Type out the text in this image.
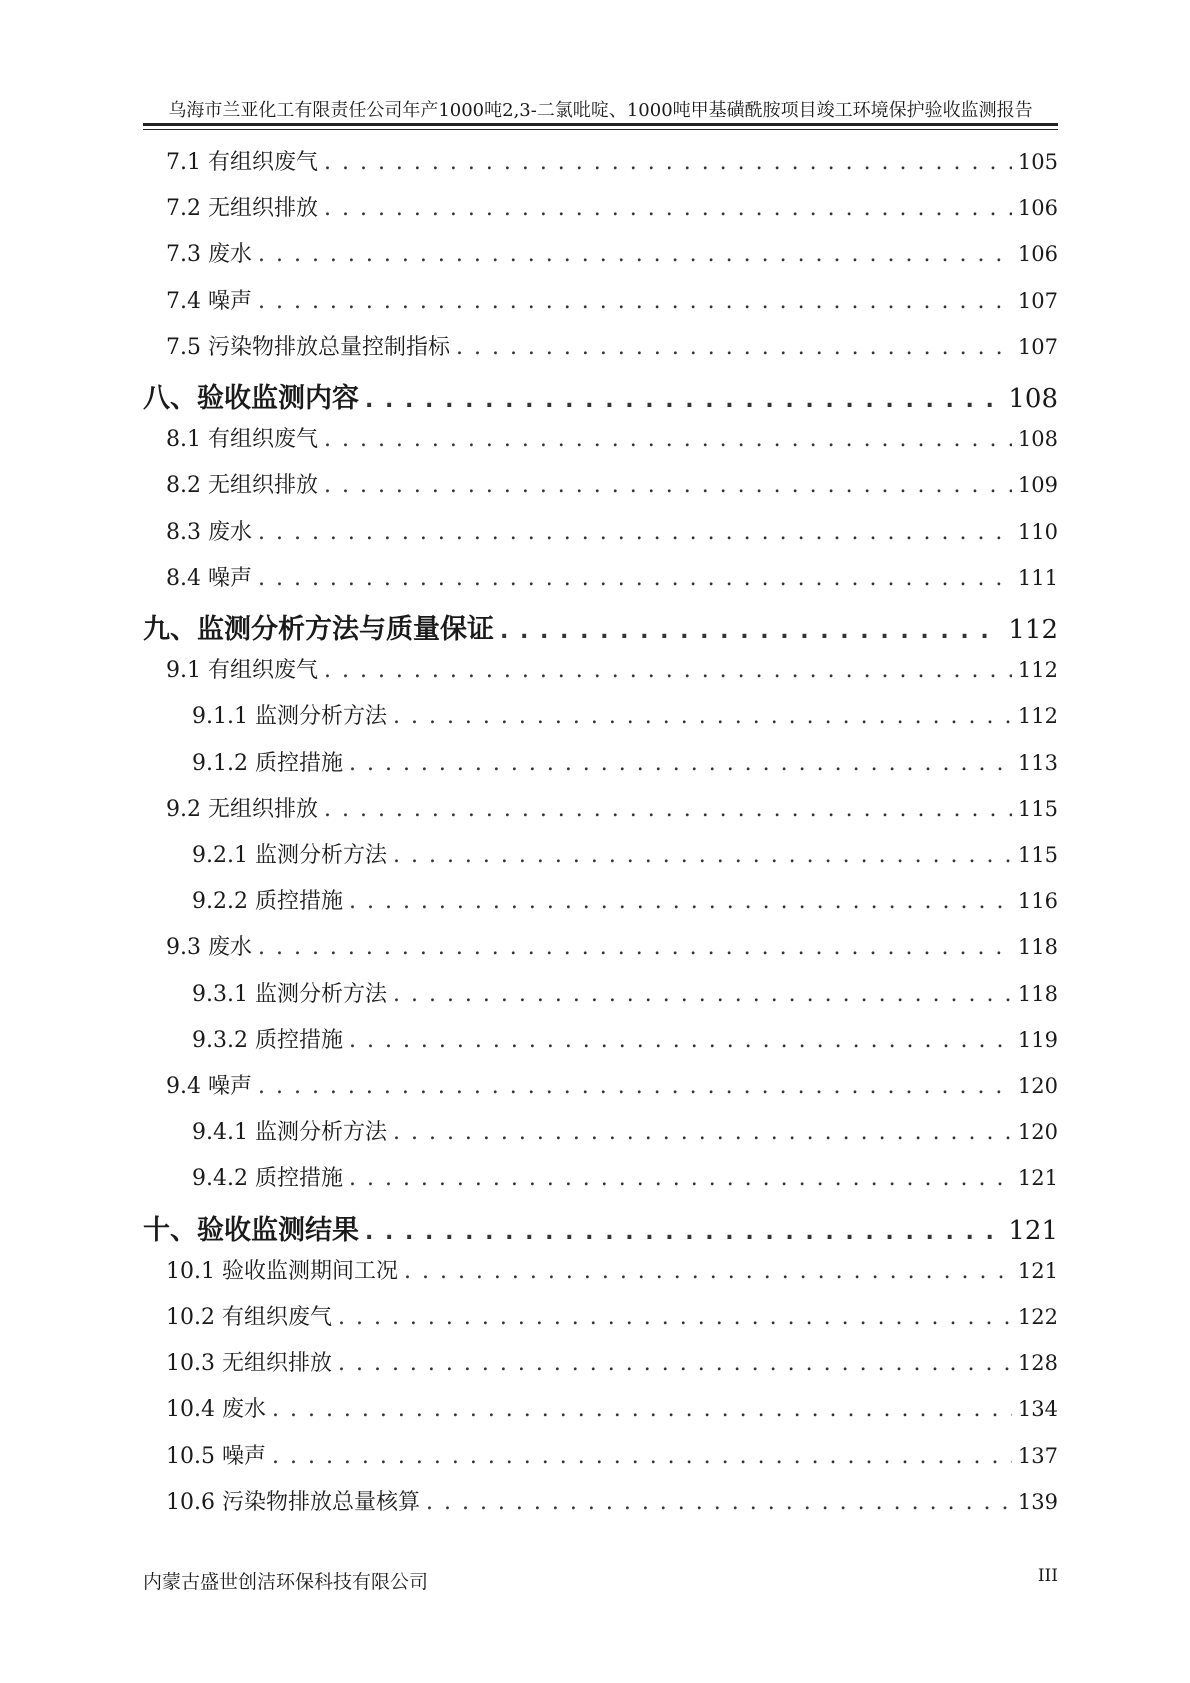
乌海市兰亚化工有限责任公司年产1000吨2,3-二氯吡啶、1000吨甲基磺酰胺项目竣工环境保护验收监测报告
7.1 有组织废气 . . .	105
7.2 无组织排放 . . .	106
7.3 废水 . . .	106
7.4 噪声 . . .	107
7.5 污染物排放总量控制指标 . . .	107
八、验收监测内容 . . .	108
8.1 有组织废气 . . .	108
8.2 无组织排放 . . .	109
8.3 废水 . . .	110
8.4 噪声 . . .	111
九、监测分析方法与质量保证 . . .	112
9.1 有组织废气 . . .	112
9.1.1 监测分析方法 . . .	112
9.1.2 质控措施 . . .	113
9.2 无组织排放 . . .	115
9.2.1 监测分析方法 . . .	115
9.2.2 质控措施 . . .	116
9.3 废水 . . .	118
9.3.1 监测分析方法 . . .	118
9.3.2 质控措施 . . .	119
9.4 噪声 . . .	120
9.4.1 监测分析方法 . . .	120
9.4.2 质控措施 . . .	121
十、验收监测结果 . . .	121
10.1 验收监测期间工况 . . .	121
10.2 有组织废气 . . .	122
10.3 无组织排放 . . .	128
10.4 废水 . . .	134
10.5 噪声 . . .	137
10.6 污染物排放总量核算 . . .	139
内蒙古盛世创洁环保科技有限公司	III
